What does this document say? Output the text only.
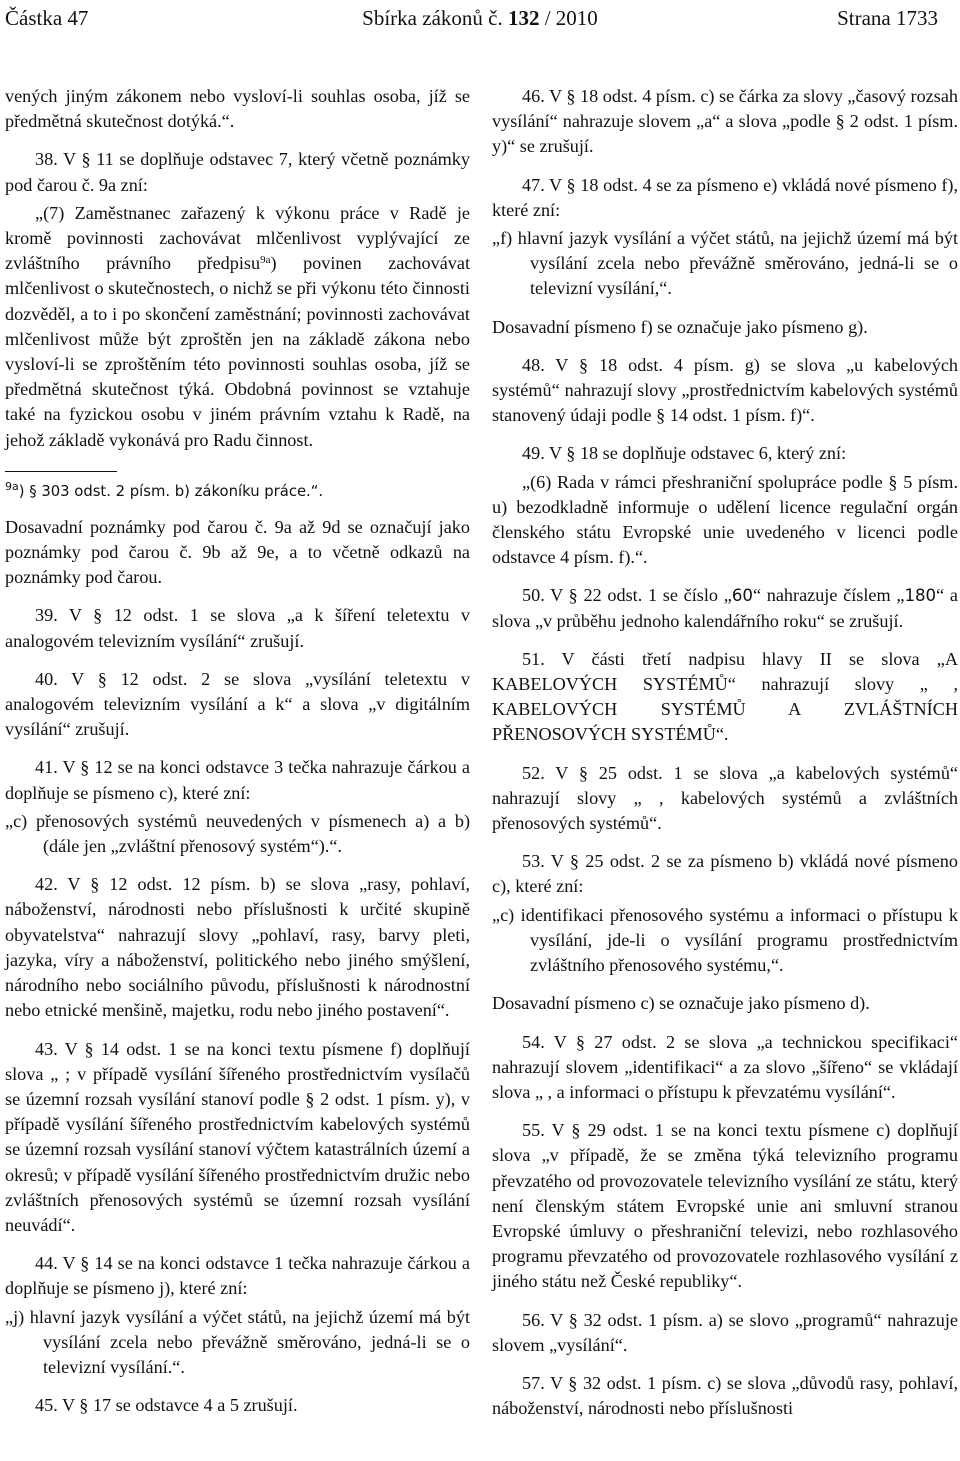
Částka 47	Sbírka zákonů č. 132 / 2010	Strana 1733

vených jiným zákonem nebo vysloví-li souhlas osoba, jíž se předmětná skutečnost dotýká.“.

38. V § 11 se doplňuje odstavec 7, který včetně poznámky pod čarou č. 9a zní:

„(7) Zaměstnanec zařazený k výkonu práce v Radě je kromě povinnosti zachovávat mlčenlivost vyplývající ze zvláštního právního předpisu$^{9a}$) povinen zachovávat mlčenlivost o skutečnostech, o nichž se při výkonu této činnosti dozvěděl, a to i po skončení zaměstnání; povinnosti zachovávat mlčenlivost může být zproštěn jen na základě zákona nebo vysloví-li se zproštěním této povinnosti souhlas osoba, jíž se předmětná skutečnost týká. Obdobná povinnost se vztahuje také na fyzickou osobu v jiném právním vztahu k Radě, na jehož základě vykonává pro Radu činnost.

$^{9a}$) § 303 odst. 2 písm. b) zákoníku práce.“.

Dosavadní poznámky pod čarou č. 9a až 9d se označují jako poznámky pod čarou č. 9b až 9e, a to včetně odkazů na poznámky pod čarou.

39. V § 12 odst. 1 se slova „a k šíření teletextu v analogovém televizním vysílání“ zrušují.

40. V § 12 odst. 2 se slova „vysílání teletextu v analogovém televizním vysílání a k“ a slova „v digitálním vysílání“ zrušují.

41. V § 12 se na konci odstavce 3 tečka nahrazuje čárkou a doplňuje se písmeno c), které zní:

„c) přenosových systémů neuvedených v písmenech a) a b) (dále jen „zvláštní přenosový systém“).“.

42. V § 12 odst. 12 písm. b) se slova „rasy, pohlaví, náboženství, národnosti nebo příslušnosti k určité skupině obyvatelstva“ nahrazují slovy „pohlaví, rasy, barvy pleti, jazyka, víry a náboženství, politického nebo jiného smýšlení, národního nebo sociálního původu, příslušnosti k národnostní nebo etnické menšině, majetku, rodu nebo jiného postavení“.

43. V § 14 odst. 1 se na konci textu písmene f) doplňují slova „ ; v případě vysílání šířeného prostřednictvím vysílačů se územní rozsah vysílání stanoví podle § 2 odst. 1 písm. y), v případě vysílání šířeného prostřednictvím kabelových systémů se územní rozsah vysílání stanoví výčtem katastrálních území a okresů; v případě vysílání šířeného prostřednictvím družic nebo zvláštních přenosových systémů se územní rozsah vysílání neuvádí“.

44. V § 14 se na konci odstavce 1 tečka nahrazuje čárkou a doplňuje se písmeno j), které zní:

„j) hlavní jazyk vysílání a výčet států, na jejichž území má být vysílání zcela nebo převážně směrováno, jedná-li se o televizní vysílání.“.

45. V § 17 se odstavce 4 a 5 zrušují.

46. V § 18 odst. 4 písm. c) se čárka za slovy „časový rozsah vysílání“ nahrazuje slovem „a“ a slova „podle § 2 odst. 1 písm. y)“ se zrušují.

47. V § 18 odst. 4 se za písmeno e) vkládá nové písmeno f), které zní:

„f) hlavní jazyk vysílání a výčet států, na jejichž území má být vysílání zcela nebo převážně směrováno, jedná-li se o televizní vysílání,“.

Dosavadní písmeno f) se označuje jako písmeno g).

48. V § 18 odst. 4 písm. g) se slova „u kabelových systémů“ nahrazují slovy „prostřednictvím kabelových systémů stanovený údaji podle § 14 odst. 1 písm. f)“.

49. V § 18 se doplňuje odstavec 6, který zní:

„(6) Rada v rámci přeshraniční spolupráce podle § 5 písm. u) bezodkladně informuje o udělení licence regulační orgán členského státu Evropské unie uvedeného v licenci podle odstavce 4 písm. f).“.

50. V § 22 odst. 1 se číslo „60“ nahrazuje číslem „180“ a slova „v průběhu jednoho kalendářního roku“ se zrušují.

51. V části třetí nadpisu hlavy II se slova „A KABELOVÝCH SYSTÉMŮ“ nahrazují slovy „ , KABELOVÝCH SYSTÉMŮ A ZVLÁŠTNÍCH PŘENOSOVÝCH SYSTÉMŮ“.

52. V § 25 odst. 1 se slova „a kabelových systémů“ nahrazují slovy „ , kabelových systémů a zvláštních přenosových systémů“.

53. V § 25 odst. 2 se za písmeno b) vkládá nové písmeno c), které zní:

„c) identifikaci přenosového systému a informaci o přístupu k vysílání, jde-li o vysílání programu prostřednictvím zvláštního přenosového systému,“.

Dosavadní písmeno c) se označuje jako písmeno d).

54. V § 27 odst. 2 se slova „a technickou specifikaci“ nahrazují slovem „identifikaci“ a za slovo „šířeno“ se vkládají slova „ , a informaci o přístupu k převzatému vysílání“.

55. V § 29 odst. 1 se na konci textu písmene c) doplňují slova „v případě, že se změna týká televizního programu převzatého od provozovatele televizního vysílání ze státu, který není členským státem Evropské unie ani smluvní stranou Evropské úmluvy o přeshraniční televizi, nebo rozhlasového programu převzatého od provozovatele rozhlasového vysílání z jiného státu než České republiky“.

56. V § 32 odst. 1 písm. a) se slovo „programů“ nahrazuje slovem „vysílání“.

57. V § 32 odst. 1 písm. c) se slova „důvodů rasy, pohlaví, náboženství, národnosti nebo příslušnosti
